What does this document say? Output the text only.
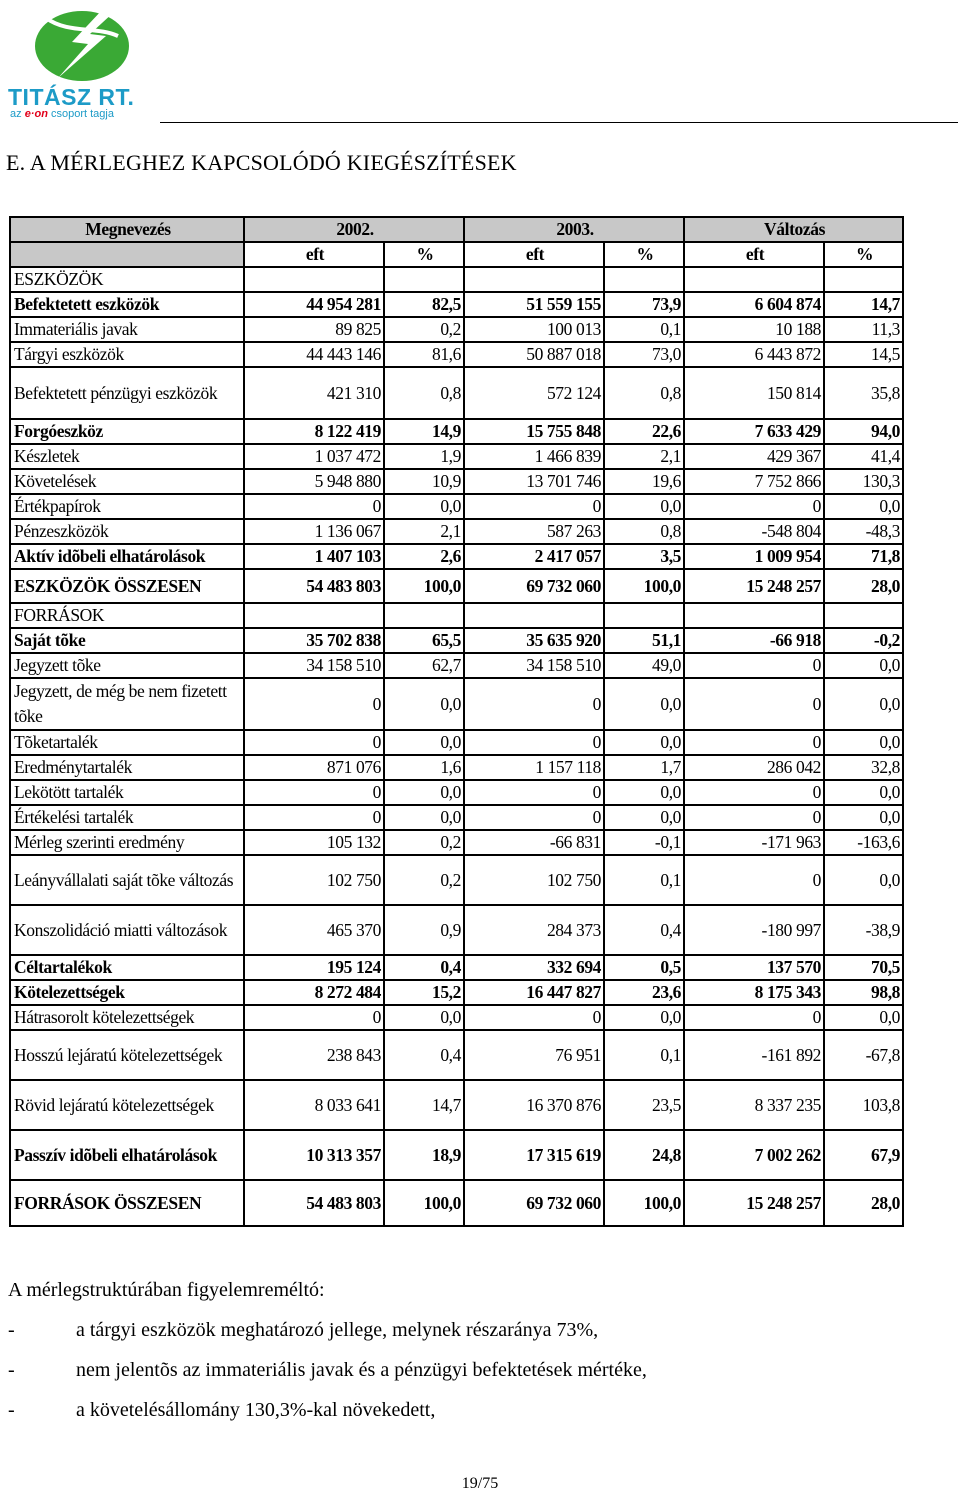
TITÁSZ RT.
az e·on csoport tagja
E. A MÉRLEGHEZ KAPCSOLÓDÓ KIEGÉSZÍTÉSEK
Megnevezés	2002.		2003.		Változás	
	eft	%	eft	%	eft	%
ESZKÖZÖK						
Befektetett eszközök	44 954 281	82,5	51 559 155	73,9	6 604 874	14,7
Immateriális javak	89 825	0,2	100 013	0,1	10 188	11,3
Tárgyi eszközök	44 443 146	81,6	50 887 018	73,0	6 443 872	14,5
Befektetett pénzügyi eszközök	421 310	0,8	572 124	0,8	150 814	35,8
Forgóeszköz	8 122 419	14,9	15 755 848	22,6	7 633 429	94,0
Készletek	1 037 472	1,9	1 466 839	2,1	429 367	41,4
Követelések	5 948 880	10,9	13 701 746	19,6	7 752 866	130,3
Értékpapírok	0	0,0	0	0,0	0	0,0
Pénzeszközök	1 136 067	2,1	587 263	0,8	-548 804	-48,3
Aktív idõbeli elhatárolások	1 407 103	2,6	2 417 057	3,5	1 009 954	71,8
ESZKÖZÖK ÖSSZESEN	54 483 803	100,0	69 732 060	100,0	15 248 257	28,0
FORRÁSOK						
Saját tõke	35 702 838	65,5	35 635 920	51,1	-66 918	-0,2
Jegyzett tõke	34 158 510	62,7	34 158 510	49,0	0	0,0
Jegyzett, de még be nem fizetett tõke	0	0,0	0	0,0	0	0,0
Tõketartalék	0	0,0	0	0,0	0	0,0
Eredménytartalék	871 076	1,6	1 157 118	1,7	286 042	32,8
Lekötött tartalék	0	0,0	0	0,0	0	0,0
Értékelési tartalék	0	0,0	0	0,0	0	0,0
Mérleg szerinti eredmény	105 132	0,2	-66 831	-0,1	-171 963	-163,6
Leányvállalati saját tõke változás	102 750	0,2	102 750	0,1	0	0,0
Konszolidáció miatti változások	465 370	0,9	284 373	0,4	-180 997	-38,9
Céltartalékok	195 124	0,4	332 694	0,5	137 570	70,5
Kötelezettségek	8 272 484	15,2	16 447 827	23,6	8 175 343	98,8
Hátrasorolt kötelezettségek	0	0,0	0	0,0	0	0,0
Hosszú lejáratú kötelezettségek	238 843	0,4	76 951	0,1	-161 892	-67,8
Rövid lejáratú kötelezettségek	8 033 641	14,7	16 370 876	23,5	8 337 235	103,8
Passzív idõbeli elhatárolások	10 313 357	18,9	17 315 619	24,8	7 002 262	67,9
FORRÁSOK ÖSSZESEN	54 483 803	100,0	69 732 060	100,0	15 248 257	28,0

A mérlegstruktúrában figyelemreméltó:

-	a tárgyi eszközök meghatározó jellege, melynek részaránya 73%,
-	nem jelentõs az immateriális javak és a pénzügyi befektetések mértéke,
-	a követelésállomány 130,3%-kal növekedett,
19/75
